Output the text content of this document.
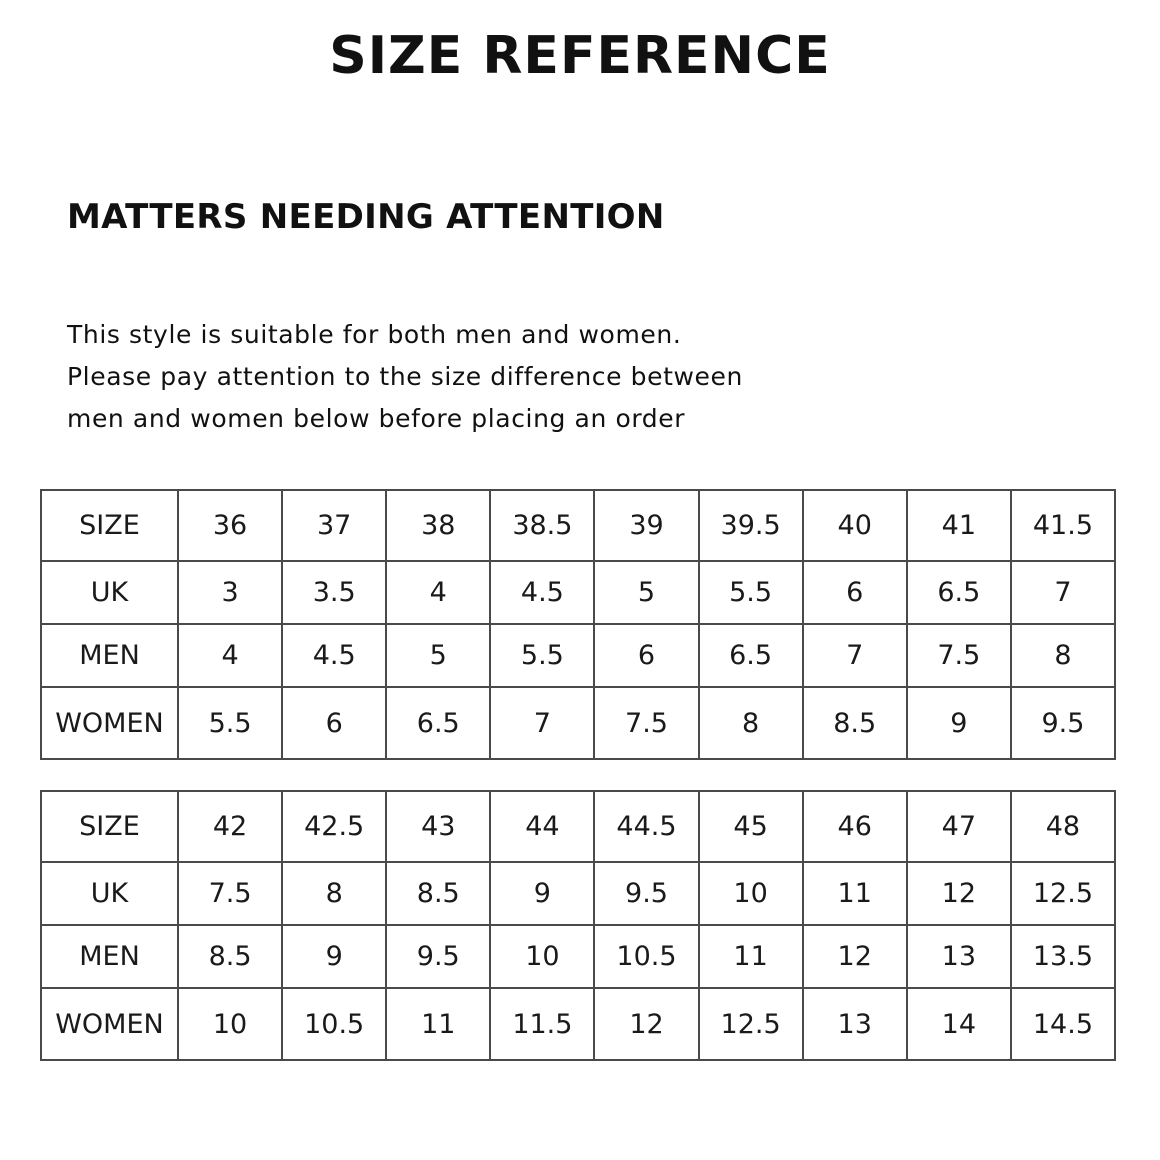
SIZE REFERENCE
MATTERS NEEDING ATTENTION
This style is suitable for both men and women.
Please pay attention to the size difference between
men and women below before placing an order
SIZE	36	37	38	38.5	39	39.5	40	41	41.5
UK	3	3.5	4	4.5	5	5.5	6	6.5	7
MEN	4	4.5	5	5.5	6	6.5	7	7.5	8
WOMEN	5.5	6	6.5	7	7.5	8	8.5	9	9.5
SIZE	42	42.5	43	44	44.5	45	46	47	48
UK	7.5	8	8.5	9	9.5	10	11	12	12.5
MEN	8.5	9	9.5	10	10.5	11	12	13	13.5
WOMEN	10	10.5	11	11.5	12	12.5	13	14	14.5
